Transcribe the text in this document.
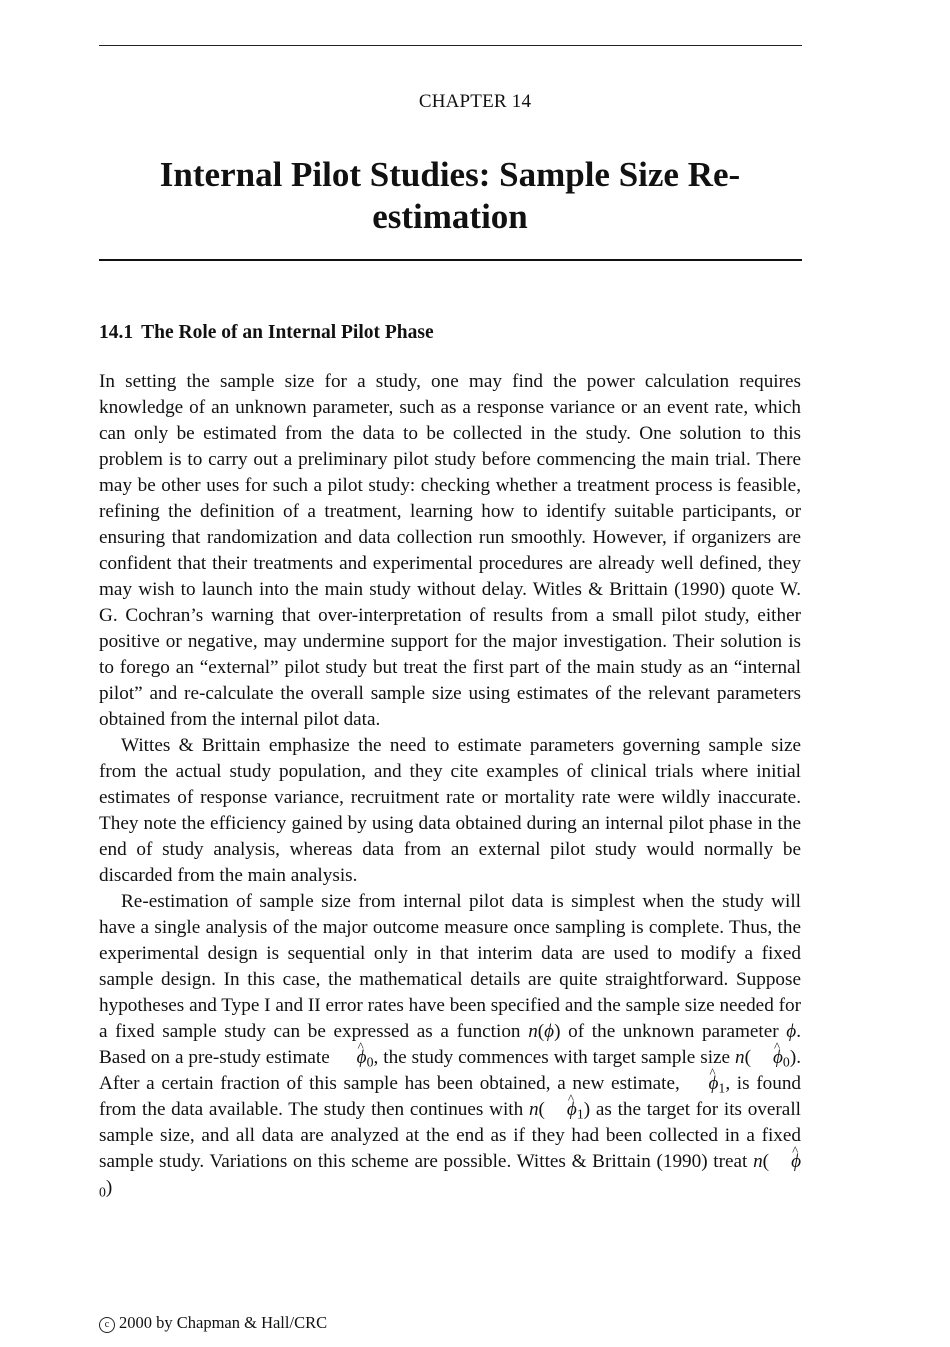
CHAPTER 14
Internal Pilot Studies: Sample Size Re-estimation
14.1 The Role of an Internal Pilot Phase

In setting the sample size for a study, one may find the power calculation requires knowledge of an unknown parameter, such as a response variance or an event rate, which can only be estimated from the data to be collected in the study. One solution to this problem is to carry out a preliminary pilot study before commencing the main trial. There may be other uses for such a pilot study: checking whether a treatment process is feasible, refining the definition of a treatment, learning how to identify suitable participants, or ensuring that randomization and data collection run smoothly. However, if organizers are confident that their treatments and experimental procedures are already well defined, they may wish to launch into the main study without delay. Witles & Brittain (1990) quote W. G. Cochran’s warning that over-interpretation of results from a small pilot study, either positive or negative, may undermine support for the major investigation. Their solution is to forego an “external” pilot study but treat the first part of the main study as an “internal pilot” and re-calculate the overall sample size using estimates of the relevant parameters obtained from the internal pilot data.

Wittes & Brittain emphasize the need to estimate parameters governing sample size from the actual study population, and they cite examples of clinical trials where initial estimates of response variance, recruitment rate or mortality rate were wildly inaccurate. They note the efficiency gained by using data obtained during an internal pilot phase in the end of study analysis, whereas data from an external pilot study would normally be discarded from the main analysis.

Re-estimation of sample size from internal pilot data is simplest when the study will have a single analysis of the major outcome measure once sampling is complete. Thus, the experimental design is sequential only in that interim data are used to modify a fixed sample design. In this case, the mathematical details are quite straightforward. Suppose hypotheses and Type I and II error rates have been specified and the sample size needed for a fixed sample study can be expressed as a function n(ϕ) of the unknown parameter ϕ. Based on a pre-study estimate ^ $\phi_0$, the study commences with target sample size n( ^ $\phi_0$). After a certain fraction of this sample has been obtained, a new estimate, ^ $\phi_1$, is found from the data available. The study then continues with n( ^ $\phi_1$) as the target for its overall sample size, and all data are analyzed at the end as if they had been collected in a fixed sample study. Variations on this scheme are possible. Wittes & Brittain (1990) treat n( ^ $\phi_0$)

c 2000 by Chapman & Hall/CRC
